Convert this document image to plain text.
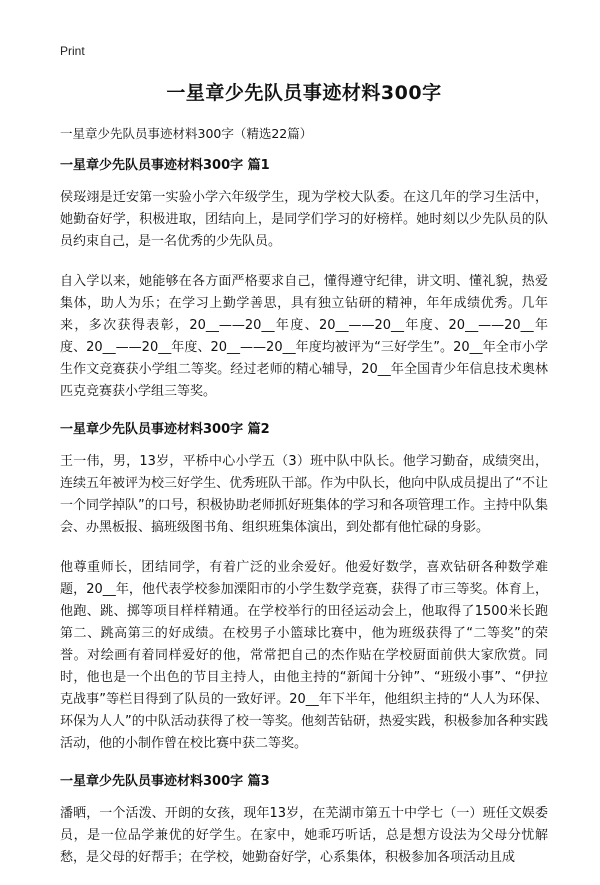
Print
一星章少先队员事迹材料300字
一星章少先队员事迹材料300字（精选22篇）
一星章少先队员事迹材料300字 篇1

侯珱翊是迁安第一实验小学六年级学生，现为学校大队委。在这几年的学习生活中，她勤奋好学，积极进取，团结向上，是同学们学习的好榜样。她时刻以少先队员的队员约束自己，是一名优秀的少先队员。

自入学以来，她能够在各方面严格要求自己，懂得遵守纪律，讲文明、懂礼貌，热爱集体，助人为乐；在学习上勤学善思，具有独立钻研的精神，年年成绩优秀。几年来，多次获得表彰，20__——20__年度、20__——20__年度、20__——20__年度、20__——20__年度、20__——20__年度均被评为“三好学生”。20__年全市小学生作文竞赛获小学组二等奖。经过老师的精心辅导，20__年全国青少年信息技术奥林匹克竞赛获小学组三等奖。

一星章少先队员事迹材料300字 篇2

王一伟，男，13岁，平桥中心小学五（3）班中队中队长。他学习勤奋，成绩突出，连续五年被评为校三好学生、优秀班队干部。作为中队长，他向中队成员提出了“不让一个同学掉队”的口号，积极协助老师抓好班集体的学习和各项管理工作。主持中队集会、办黑板报、搞班级图书角、组织班集体演出，到处都有他忙碌的身影。

他尊重师长，团结同学，有着广泛的业余爱好。他爱好数学，喜欢钻研各种数学难题，20__年，他代表学校参加溧阳市的小学生数学竞赛，获得了市三等奖。体育上，他跑、跳、掷等项目样样精通。在学校举行的田径运动会上，他取得了1500米长跑第二、跳高第三的好成绩。在校男子小篮球比赛中，他为班级获得了“二等奖”的荣誉。对绘画有着同样爱好的他，常常把自己的杰作贴在学校厨面前供大家欣赏。同时，他也是一个出色的节目主持人，由他主持的“新闻十分钟”、“班级小事”、“伊拉克战事”等栏目得到了队员的一致好评。20__年下半年，他组织主持的“人人为环保、环保为人人”的中队活动获得了校一等奖。他刻苦钻研，热爱实践，积极参加各种实践活动，他的小制作曾在校比赛中获二等奖。

一星章少先队员事迹材料300字 篇3

潘晒，一个活泼、开朗的女孩，现年13岁，在芜湖市第五十中学七（一）班任文娱委员，是一位品学兼优的好学生。在家中，她乖巧听话，总是想方设法为父母分忧解愁，是父母的好帮手；在学校，她勤奋好学，心系集体，积极参加各项活动且成
